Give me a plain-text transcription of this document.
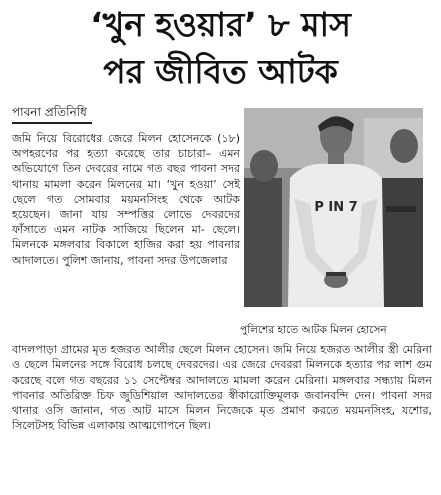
‘খুন হওয়ার’ ৮ মাস
পর জীবিত আটক
পাবনা প্রতিনিধি

জমি নিয়ে বিরোধের জেরে মিলন হোসেনকে (১৮) অপহরণের পর হত্যা করেছে তার চাচারা– এমন অভিযোগে তিন দেবরের নামে গত বছর পাবনা সদর থানায় মামলা করেন মিলনের মা। ‘খুন হওয়া’ সেই ছেলে গত সোমবার ময়মনসিংহ থেকে আটক হয়েছেন। জানা যায় সম্পত্তির লোভে দেবরদের ফাঁসাতে এমন নাটক সাজিয়ে ছিলেন মা- ছেলে। মিলনকে মঙ্গলবার বিকালে হাজির করা হয় পাবনার আদালতে। পুলিশ জানায়, পাবনা সদর উপজেলার

P IN 7
পুলিশের হাতে আটক মিলন হোসেন

বাদলপাড়া গ্রামের মৃত হজরত আলীর ছেলে মিলন হোসেন। জমি নিয়ে হজরত আলীর স্ত্রী মেরিনা ও ছেলে মিলনের সঙ্গে বিরোধ চলছে দেবরদের। এর জেরে দেবররা মিলনকে হত্যার পর লাশ গুম করেছে বলে গত বছরের ১১ সেপ্টেম্বর আদালতে মামলা করেন মেরিনা। মঙ্গলবার সন্ধ্যায় মিলন পাবনার অতিরিক্ত চিফ জুডিশিয়াল আদালতের স্বীকারোক্তিমূলক জবানবন্দি দেন। পাবনা সদর থানার ওসি জানান, গত আট মাসে মিলন নিজেকে মৃত প্রমাণ করতে ময়মনসিংহ, যশোর, সিলেটসহ বিভিন্ন এলাকায় আত্মগোপনে ছিল।
